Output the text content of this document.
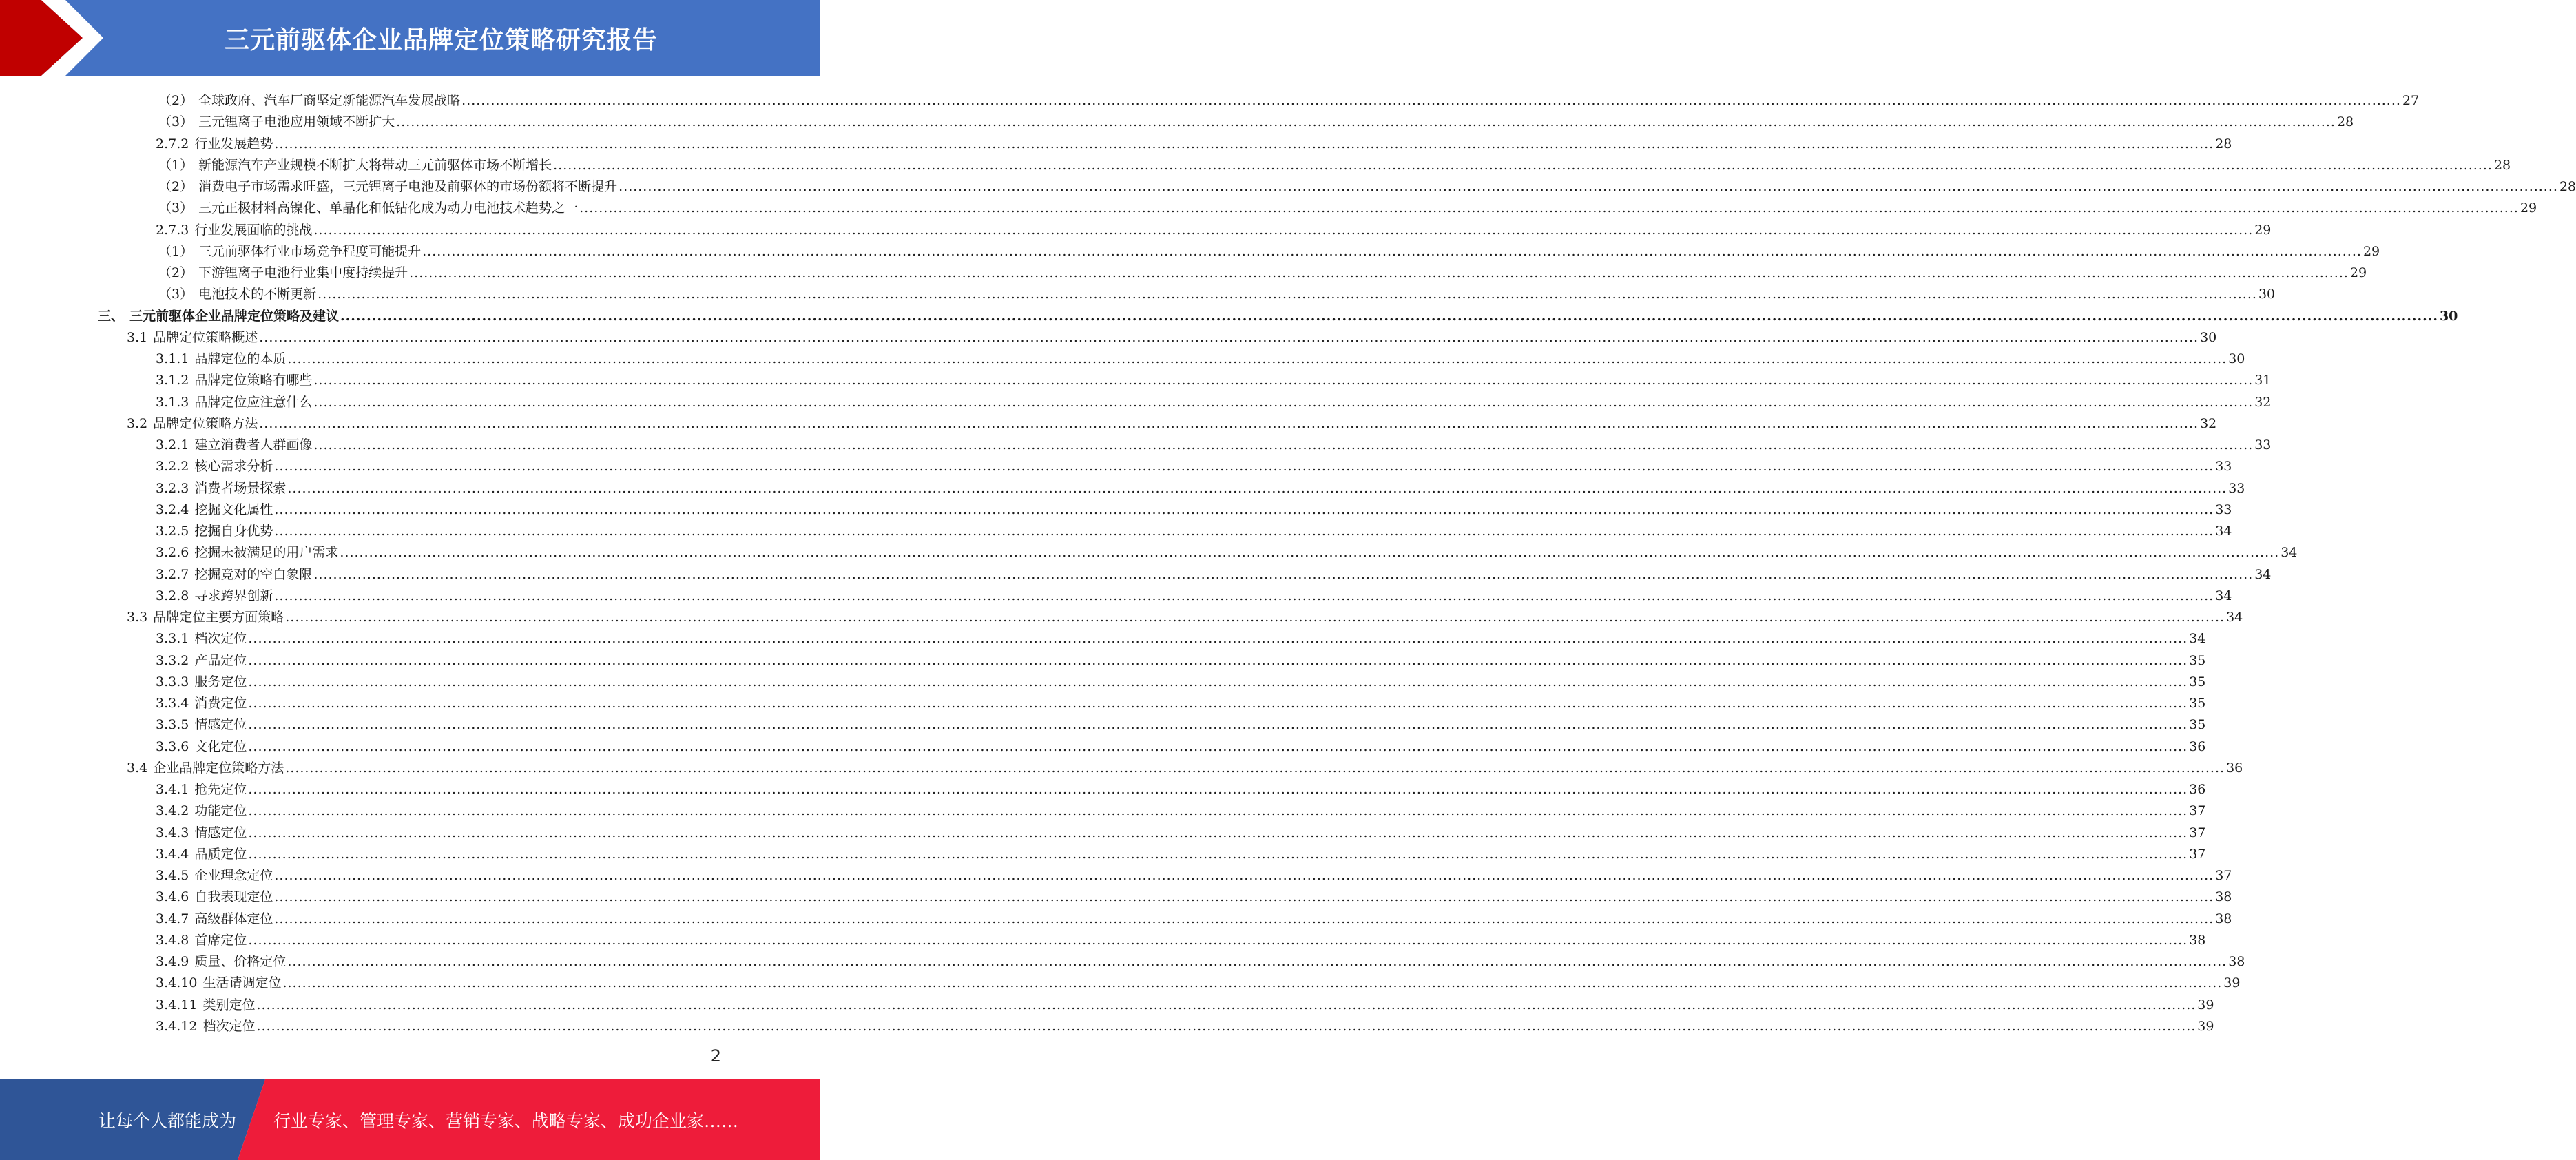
三元前驱体企业品牌定位策略研究报告
（2） 全球政府、汽车厂商坚定新能源汽车发展战略 ................................................................................................................................................................................................................................................................................................................................................................................................................ 27
（3） 三元锂离子电池应用领域不断扩大 ................................................................................................................................................................................................................................................................................................................................................................................................................ 28
2.7.2 行业发展趋势 ................................................................................................................................................................................................................................................................................................................................................................................................................ 28
（1） 新能源汽车产业规模不断扩大将带动三元前驱体市场不断增长 ................................................................................................................................................................................................................................................................................................................................................................................................................ 28
（2） 消费电子市场需求旺盛，三元锂离子电池及前驱体的市场份额将不断提升 ................................................................................................................................................................................................................................................................................................................................................................................................................ 28
（3） 三元正极材料高镍化、单晶化和低钴化成为动力电池技术趋势之一 ................................................................................................................................................................................................................................................................................................................................................................................................................ 29
2.7.3 行业发展面临的挑战 ................................................................................................................................................................................................................................................................................................................................................................................................................ 29
（1） 三元前驱体行业市场竞争程度可能提升 ................................................................................................................................................................................................................................................................................................................................................................................................................ 29
（2） 下游锂离子电池行业集中度持续提升 ................................................................................................................................................................................................................................................................................................................................................................................................................ 29
（3） 电池技术的不断更新 ................................................................................................................................................................................................................................................................................................................................................................................................................ 30
三、 三元前驱体企业品牌定位策略及建议 ................................................................................................................................................................................................................................................................................................................................................................................................................ 30
3.1 品牌定位策略概述 ................................................................................................................................................................................................................................................................................................................................................................................................................ 30
3.1.1 品牌定位的本质 ................................................................................................................................................................................................................................................................................................................................................................................................................ 30
3.1.2 品牌定位策略有哪些 ................................................................................................................................................................................................................................................................................................................................................................................................................ 31
3.1.3 品牌定位应注意什么 ................................................................................................................................................................................................................................................................................................................................................................................................................ 32
3.2 品牌定位策略方法 ................................................................................................................................................................................................................................................................................................................................................................................................................ 32
3.2.1 建立消费者人群画像 ................................................................................................................................................................................................................................................................................................................................................................................................................ 33
3.2.2 核心需求分析 ................................................................................................................................................................................................................................................................................................................................................................................................................ 33
3.2.3 消费者场景探索 ................................................................................................................................................................................................................................................................................................................................................................................................................ 33
3.2.4 挖掘文化属性 ................................................................................................................................................................................................................................................................................................................................................................................................................ 33
3.2.5 挖掘自身优势 ................................................................................................................................................................................................................................................................................................................................................................................................................ 34
3.2.6 挖掘未被满足的用户需求 ................................................................................................................................................................................................................................................................................................................................................................................................................ 34
3.2.7 挖掘竞对的空白象限 ................................................................................................................................................................................................................................................................................................................................................................................................................ 34
3.2.8 寻求跨界创新 ................................................................................................................................................................................................................................................................................................................................................................................................................ 34
3.3 品牌定位主要方面策略 ................................................................................................................................................................................................................................................................................................................................................................................................................ 34
3.3.1 档次定位 ................................................................................................................................................................................................................................................................................................................................................................................................................ 34
3.3.2 产品定位 ................................................................................................................................................................................................................................................................................................................................................................................................................ 35
3.3.3 服务定位 ................................................................................................................................................................................................................................................................................................................................................................................................................ 35
3.3.4 消费定位 ................................................................................................................................................................................................................................................................................................................................................................................................................ 35
3.3.5 情感定位 ................................................................................................................................................................................................................................................................................................................................................................................................................ 35
3.3.6 文化定位 ................................................................................................................................................................................................................................................................................................................................................................................................................ 36
3.4 企业品牌定位策略方法 ................................................................................................................................................................................................................................................................................................................................................................................................................ 36
3.4.1 抢先定位 ................................................................................................................................................................................................................................................................................................................................................................................................................ 36
3.4.2 功能定位 ................................................................................................................................................................................................................................................................................................................................................................................................................ 37
3.4.3 情感定位 ................................................................................................................................................................................................................................................................................................................................................................................................................ 37
3.4.4 品质定位 ................................................................................................................................................................................................................................................................................................................................................................................................................ 37
3.4.5 企业理念定位 ................................................................................................................................................................................................................................................................................................................................................................................................................ 37
3.4.6 自我表现定位 ................................................................................................................................................................................................................................................................................................................................................................................................................ 38
3.4.7 高级群体定位 ................................................................................................................................................................................................................................................................................................................................................................................................................ 38
3.4.8 首席定位 ................................................................................................................................................................................................................................................................................................................................................................................................................ 38
3.4.9 质量、价格定位 ................................................................................................................................................................................................................................................................................................................................................................................................................ 38
3.4.10 生活请调定位 ................................................................................................................................................................................................................................................................................................................................................................................................................ 39
3.4.11 类别定位 ................................................................................................................................................................................................................................................................................................................................................................................................................ 39
3.4.12 档次定位 ................................................................................................................................................................................................................................................................................................................................................................................................................ 39
2
让每个人都能成为 行业专家、管理专家、营销专家、战略专家、成功企业家……
